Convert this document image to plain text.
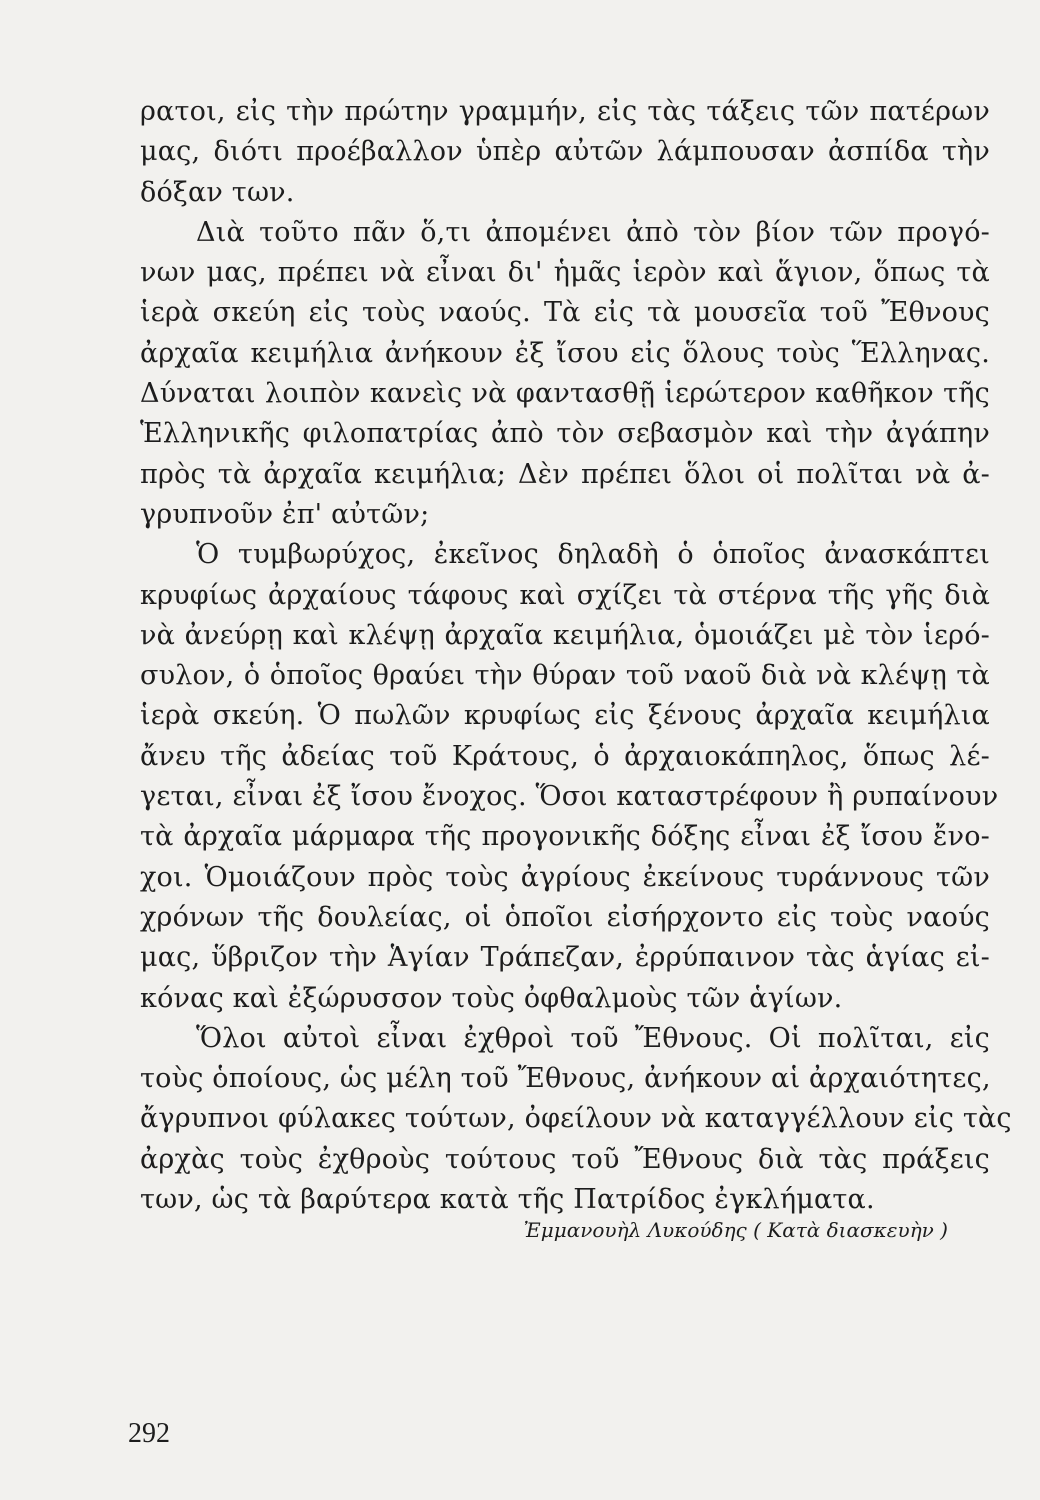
ρατοι, εἰς τὴν πρώτην γραμμήν, εἰς τὰς τάξεις τῶν πατέρων
μας, διότι προέβαλλον ὑπὲρ αὐτῶν λάμπουσαν ἀσπίδα τὴν
δόξαν των.
Διὰ τοῦτο πᾶν ὅ,τι ἀπομένει ἀπὸ τὸν βίον τῶν προγό-
νων μας, πρέπει νὰ εἶναι δι' ἡμᾶς ἱερὸν καὶ ἅγιον, ὅπως τὰ
ἱερὰ σκεύη εἰς τοὺς ναούς. Τὰ εἰς τὰ μουσεῖα τοῦ Ἔθνους
ἀρχαῖα κειμήλια ἀνήκουν ἐξ ἴσου εἰς ὅλους τοὺς Ἕλληνας.
Δύναται λοιπὸν κανεὶς νὰ φαντασθῇ ἱερώτερον καθῆκον τῆς
Ἑλληνικῆς φιλοπατρίας ἀπὸ τὸν σεβασμὸν καὶ τὴν ἀγάπην
πρὸς τὰ ἀρχαῖα κειμήλια; Δὲν πρέπει ὅλοι οἱ πολῖται νὰ ἀ-
γρυπνοῦν ἐπ' αὐτῶν;
Ὁ τυμβωρύχος, ἐκεῖνος δηλαδὴ ὁ ὁποῖος ἀνασκάπτει
κρυφίως ἀρχαίους τάφους καὶ σχίζει τὰ στέρνα τῆς γῆς διὰ
νὰ ἀνεύρῃ καὶ κλέψῃ ἀρχαῖα κειμήλια, ὁμοιάζει μὲ τὸν ἱερό-
συλον, ὁ ὁποῖος θραύει τὴν θύραν τοῦ ναοῦ διὰ νὰ κλέψῃ τὰ
ἱερὰ σκεύη. Ὁ πωλῶν κρυφίως εἰς ξένους ἀρχαῖα κειμήλια
ἄνευ τῆς ἀδείας τοῦ Κράτους, ὁ ἀρχαιοκάπηλος, ὅπως λέ-
γεται, εἶναι ἐξ ἴσου ἔνοχος. Ὅσοι καταστρέφουν ἢ ρυπαίνουν
τὰ ἀρχαῖα μάρμαρα τῆς προγονικῆς δόξης εἶναι ἐξ ἴσου ἔνο-
χοι. Ὁμοιάζουν πρὸς τοὺς ἀγρίους ἐκείνους τυράννους τῶν
χρόνων τῆς δουλείας, οἱ ὁποῖοι εἰσήρχοντο εἰς τοὺς ναούς
μας, ὕβριζον τὴν Ἁγίαν Τράπεζαν, ἐρρύπαινον τὰς ἁγίας εἰ-
κόνας καὶ ἐξώρυσσον τοὺς ὀφθαλμοὺς τῶν ἁγίων.
Ὅλοι αὐτοὶ εἶναι ἐχθροὶ τοῦ Ἔθνους. Οἱ πολῖται, εἰς
τοὺς ὁποίους, ὡς μέλη τοῦ Ἔθνους, ἀνήκουν αἱ ἀρχαιότητες,
ἄγρυπνοι φύλακες τούτων, ὀφείλουν νὰ καταγγέλλουν εἰς τὰς
ἀρχὰς τοὺς ἐχθροὺς τούτους τοῦ Ἔθνους διὰ τὰς πράξεις
των, ὡς τὰ βαρύτερα κατὰ τῆς Πατρίδος ἐγκλήματα.
Ἐμμανουὴλ Λυκούδης ( Κατὰ διασκευὴν )
292
